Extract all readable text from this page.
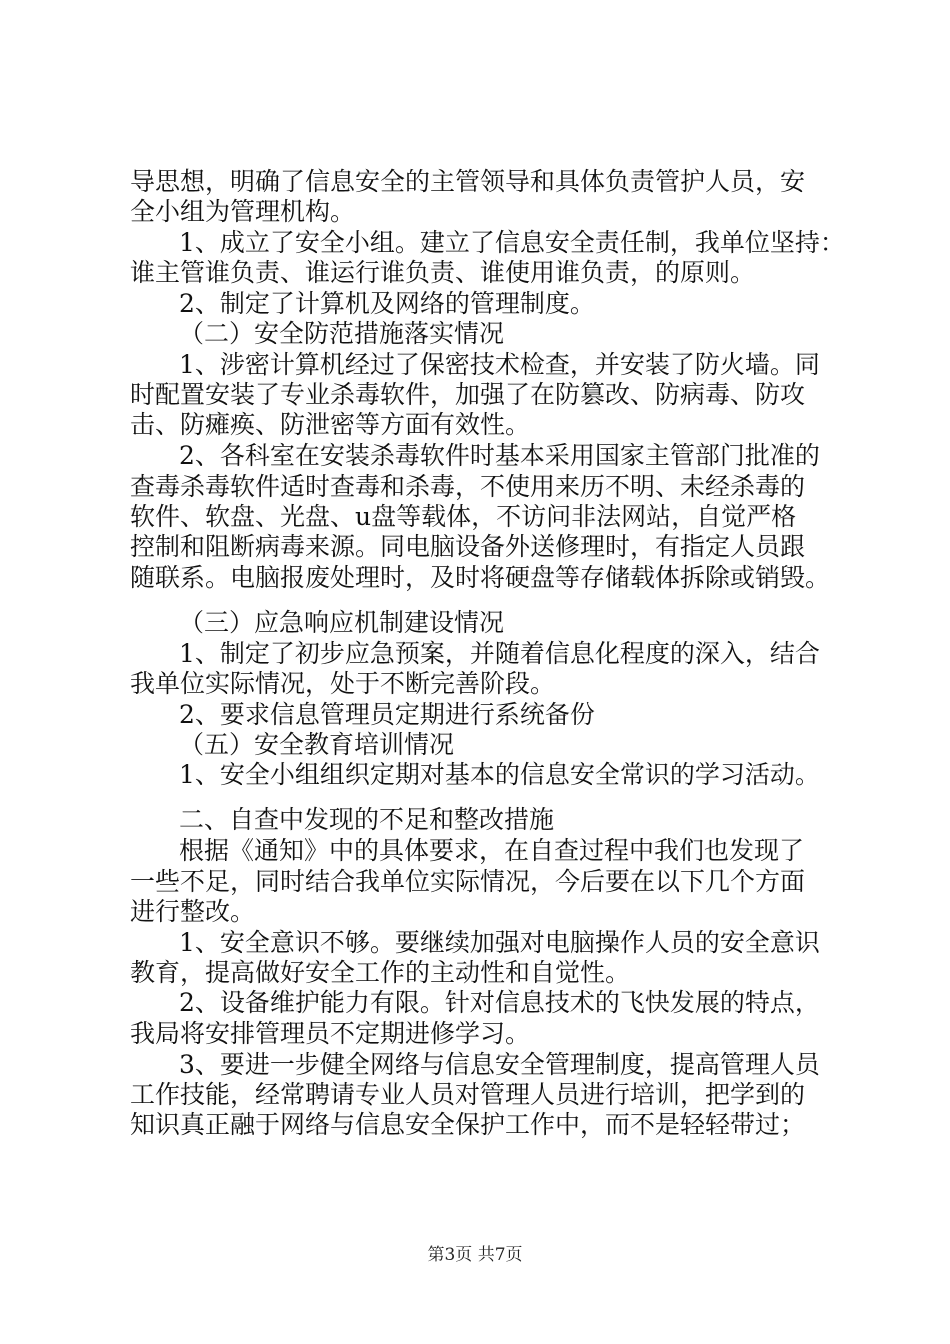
导思想，明确了信息安全的主管领导和具体负责管护人员，安

全小组为管理机构。

1、成立了安全小组。建立了信息安全责任制，我单位坚持：

谁主管谁负责、谁运行谁负责、谁使用谁负责，的原则。

2、制定了计算机及网络的管理制度。

（二）安全防范措施落实情况

1、涉密计算机经过了保密技术检查，并安装了防火墙。同

时配置安装了专业杀毒软件，加强了在防篡改、防病毒、防攻

击、防瘫痪、防泄密等方面有效性。

2、各科室在安装杀毒软件时基本采用国家主管部门批准的

查毒杀毒软件适时查毒和杀毒，不使用来历不明、未经杀毒的

软件、软盘、光盘、u盘等载体，不访问非法网站，自觉严格

控制和阻断病毒来源。同电脑设备外送修理时，有指定人员跟

随联系。电脑报废处理时，及时将硬盘等存储载体拆除或销毁。

（三）应急响应机制建设情况

1、制定了初步应急预案，并随着信息化程度的深入，结合

我单位实际情况，处于不断完善阶段。

2、要求信息管理员定期进行系统备份

（五）安全教育培训情况

1、安全小组组织定期对基本的信息安全常识的学习活动。

二、自查中发现的不足和整改措施

根据《通知》中的具体要求，在自查过程中我们也发现了

一些不足，同时结合我单位实际情况，今后要在以下几个方面

进行整改。

1、安全意识不够。要继续加强对电脑操作人员的安全意识

教育，提高做好安全工作的主动性和自觉性。

2、设备维护能力有限。针对信息技术的飞快发展的特点，

我局将安排管理员不定期进修学习。

3、要进一步健全网络与信息安全管理制度，提高管理人员

工作技能，经常聘请专业人员对管理人员进行培训，把学到的

知识真正融于网络与信息安全保护工作中，而不是轻轻带过；

第3页 共7页
